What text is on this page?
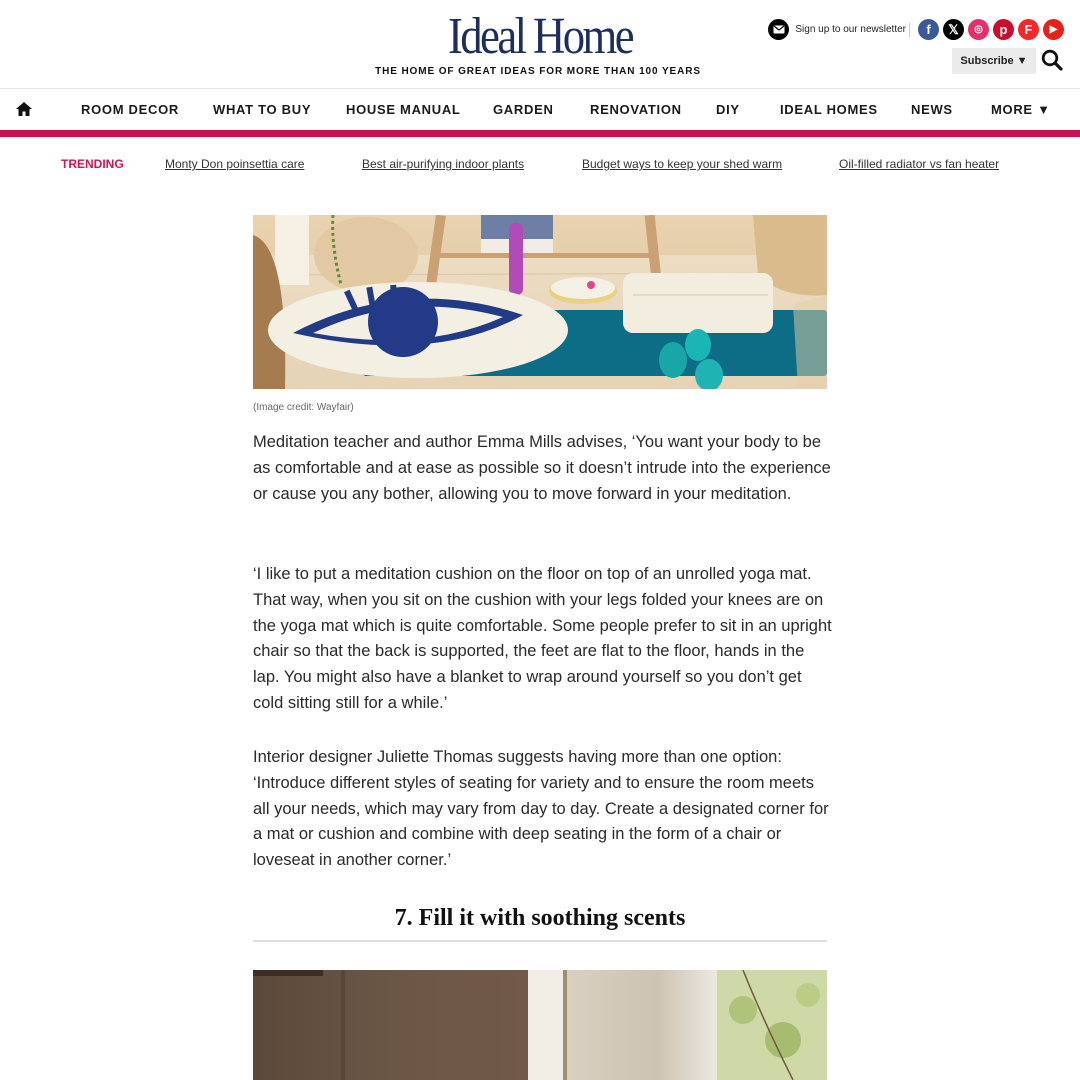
Ideal Home
THE HOME OF GREAT IDEAS FOR MORE THAN 100 YEARS
Sign up to our newsletter	f	𝕏	◎	p	F	▶
Subscribe ▼
ROOM DECOR	WHAT TO BUY	HOUSE MANUAL GARDEN	RENOVATION	DIY	IDEAL HOMES	NEWS	MORE ▼
TRENDING	Monty Don poinsettia care	Best air-purifying indoor plants	Budget ways to keep your shed warm	Oil-filled radiator vs fan heater
(Image credit: Wayfair)

Meditation teacher and author Emma Mills advises, ‘You want your body to be as comfortable and at ease as possible so it doesn’t intrude into the experience or cause you any bother, allowing you to move forward in your meditation.

‘I like to put a meditation cushion on the floor on top of an unrolled yoga mat. That way, when you sit on the cushion with your legs folded your knees are on the yoga mat which is quite comfortable. Some people prefer to sit in an upright chair so that the back is supported, the feet are flat to the floor, hands in the lap. You might also have a blanket to wrap around yourself so you don’t get cold sitting still for a while.’

Interior designer Juliette Thomas suggests having more than one option: ‘Introduce different styles of seating for variety and to ensure the room meets all your needs, which may vary from day to day. Create a designated corner for a mat or cushion and combine with deep seating in the form of a chair or loveseat in another corner.’

7. Fill it with soothing scents
